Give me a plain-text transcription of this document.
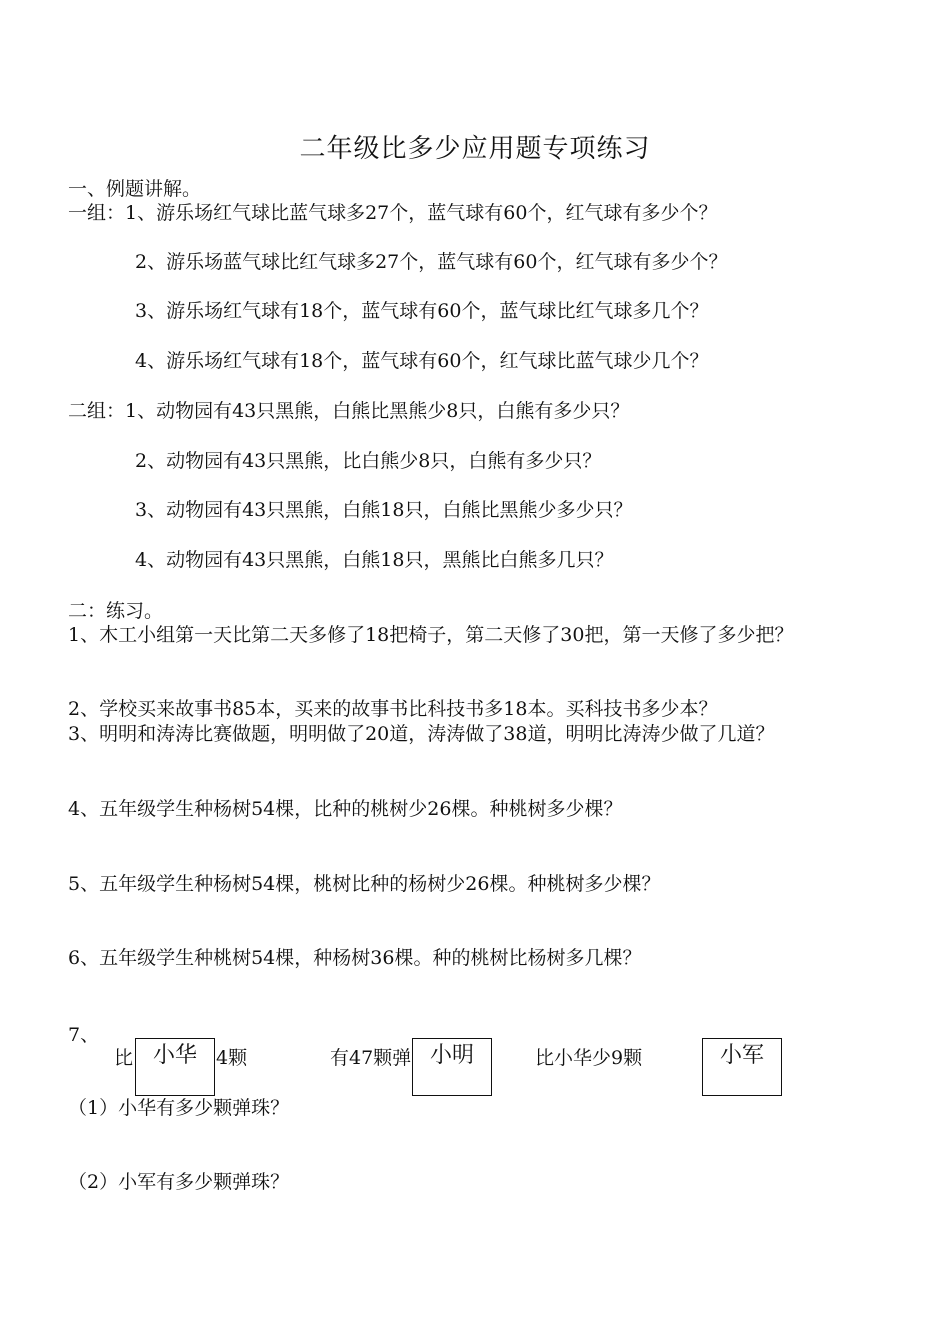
二年级比多少应用题专项练习
一、例题讲解。
一组：1、游乐场红气球比蓝气球多27个，蓝气球有60个，红气球有多少个？
2、游乐场蓝气球比红气球多27个，蓝气球有60个，红气球有多少个？
3、游乐场红气球有18个，蓝气球有60个，蓝气球比红气球多几个？
4、游乐场红气球有18个，蓝气球有60个，红气球比蓝气球少几个？
二组：1、动物园有43只黑熊，白熊比黑熊少8只，白熊有多少只？
2、动物园有43只黑熊，比白熊少8只，白熊有多少只？
3、动物园有43只黑熊，白熊18只，白熊比黑熊少多少只？
4、动物园有43只黑熊，白熊18只，黑熊比白熊多几只？
二：练习。
1、木工小组第一天比第二天多修了18把椅子，第二天修了30把，第一天修了多少把？
2、学校买来故事书85本，买来的故事书比科技书多18本。买科技书多少本？
3、明明和涛涛比赛做题，明明做了20道，涛涛做了38道，明明比涛涛少做了几道？
4、五年级学生种杨树54棵，比种的桃树少26棵。种桃树多少棵？
5、五年级学生种杨树54棵，桃树比种的杨树少26棵。种桃树多少棵？
6、五年级学生种桃树54棵，种杨树36棵。种的桃树比杨树多几棵？
7、
比	4颗	有47颗弹	比小华少9颗
小华	小明	小军
（1）小华有多少颗弹珠？
（2）小军有多少颗弹珠？
